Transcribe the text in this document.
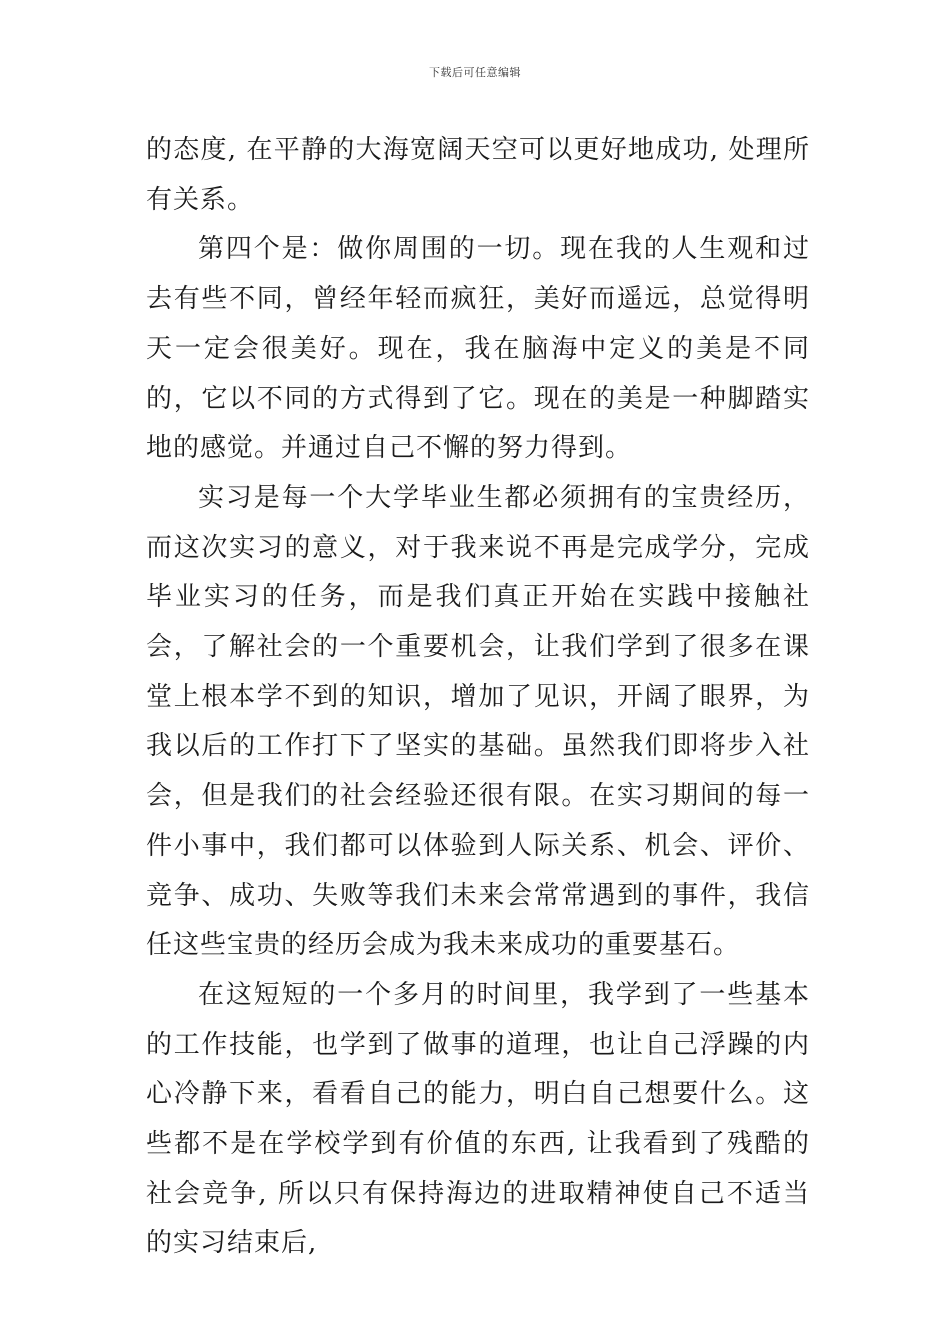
下载后可任意编辑

的态度, 在平静的大海宽阔天空可以更好地成功, 处理所有关系。

第四个是：做你周围的一切。现在我的人生观和过去有些不同，曾经年轻而疯狂，美好而遥远，总觉得明天一定会很美好。现在，我在脑海中定义的美是不同的，它以不同的方式得到了它。现在的美是一种脚踏实地的感觉。并通过自己不懈的努力得到。

实习是每一个大学毕业生都必须拥有的宝贵经历，而这次实习的意义，对于我来说不再是完成学分，完成毕业实习的任务，而是我们真正开始在实践中接触社会，了解社会的一个重要机会，让我们学到了很多在课堂上根本学不到的知识，增加了见识，开阔了眼界，为我以后的工作打下了坚实的基础。虽然我们即将步入社会，但是我们的社会经验还很有限。在实习期间的每一件小事中，我们都可以体验到人际关系、机会、评价、竞争、成功、失败等我们未来会常常遇到的事件，我信任这些宝贵的经历会成为我未来成功的重要基石。

在这短短的一个多月的时间里，我学到了一些基本的工作技能，也学到了做事的道理，也让自己浮躁的内心冷静下来，看看自己的能力，明白自己想要什么。这些都不是在学校学到有价值的东西, 让我看到了残酷的社会竞争, 所以只有保持海边的进取精神使自己不适当的实习结束后,
